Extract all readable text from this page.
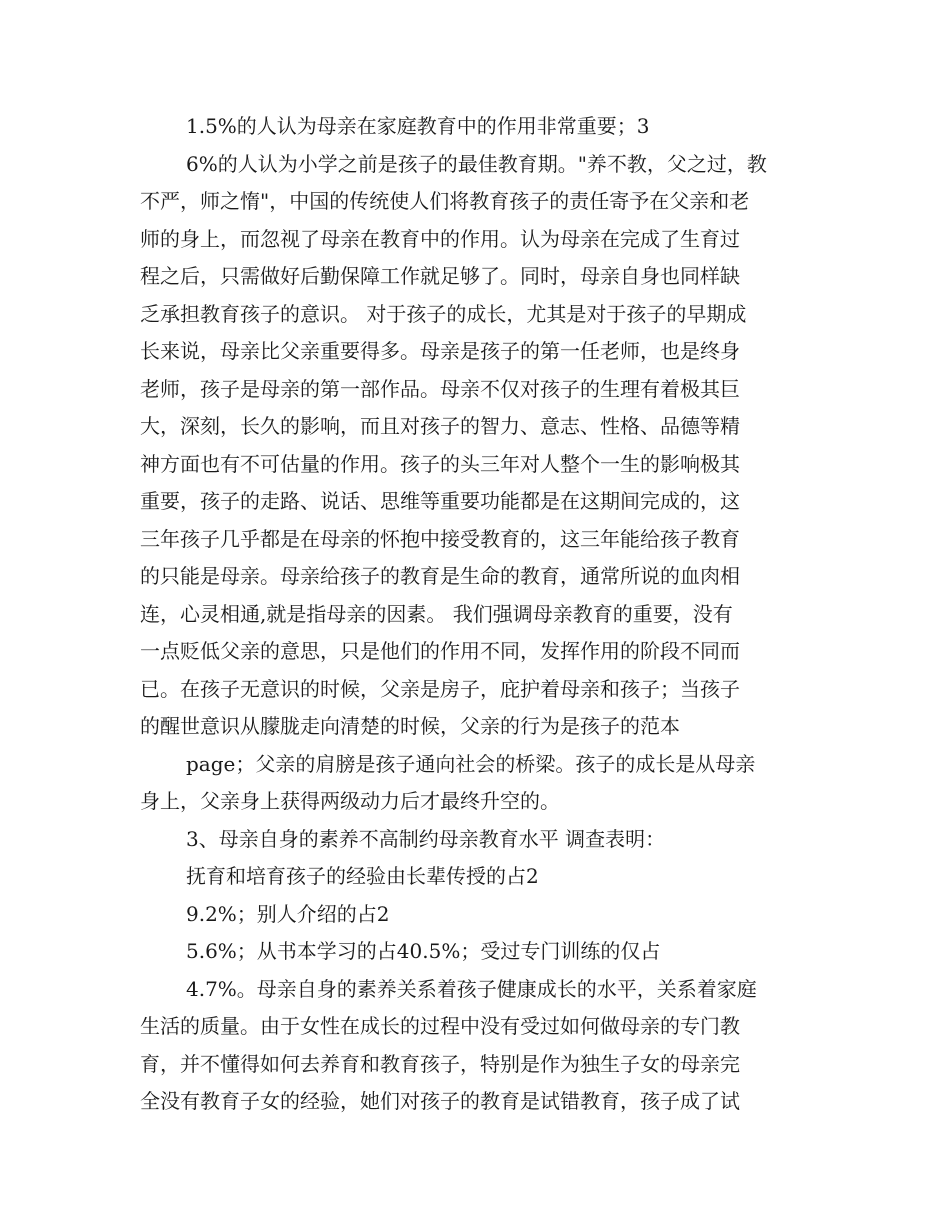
1.5%的人认为母亲在家庭教育中的作用非常重要；3
6%的人认为小学之前是孩子的最佳教育期。"养不教，父之过，教
不严，师之惰"，中国的传统使人们将教育孩子的责任寄予在父亲和老
师的身上，而忽视了母亲在教育中的作用。认为母亲在完成了生育过
程之后，只需做好后勤保障工作就足够了。同时，母亲自身也同样缺
乏承担教育孩子的意识。 对于孩子的成长，尤其是对于孩子的早期成
长来说，母亲比父亲重要得多。母亲是孩子的第一任老师，也是终身
老师，孩子是母亲的第一部作品。母亲不仅对孩子的生理有着极其巨
大，深刻，长久的影响，而且对孩子的智力、意志、性格、品德等精
神方面也有不可估量的作用。孩子的头三年对人整个一生的影响极其
重要，孩子的走路、说话、思维等重要功能都是在这期间完成的，这
三年孩子几乎都是在母亲的怀抱中接受教育的，这三年能给孩子教育
的只能是母亲。母亲给孩子的教育是生命的教育，通常所说的血肉相
连，心灵相通,就是指母亲的因素。 我们强调母亲教育的重要，没有
一点贬低父亲的意思，只是他们的作用不同，发挥作用的阶段不同而
已。在孩子无意识的时候，父亲是房子，庇护着母亲和孩子；当孩子
的醒世意识从朦胧走向清楚的时候，父亲的行为是孩子的范本
page；父亲的肩膀是孩子通向社会的桥梁。孩子的成长是从母亲
身上，父亲身上获得两级动力后才最终升空的。
3、母亲自身的素养不高制约母亲教育水平 调查表明：
抚育和培育孩子的经验由长辈传授的占2
9.2%；别人介绍的占2
5.6%；从书本学习的占40.5%；受过专门训练的仅占
4.7%。母亲自身的素养关系着孩子健康成长的水平，关系着家庭
生活的质量。由于女性在成长的过程中没有受过如何做母亲的专门教
育，并不懂得如何去养育和教育孩子，特别是作为独生子女的母亲完
全没有教育子女的经验，她们对孩子的教育是试错教育，孩子成了试
